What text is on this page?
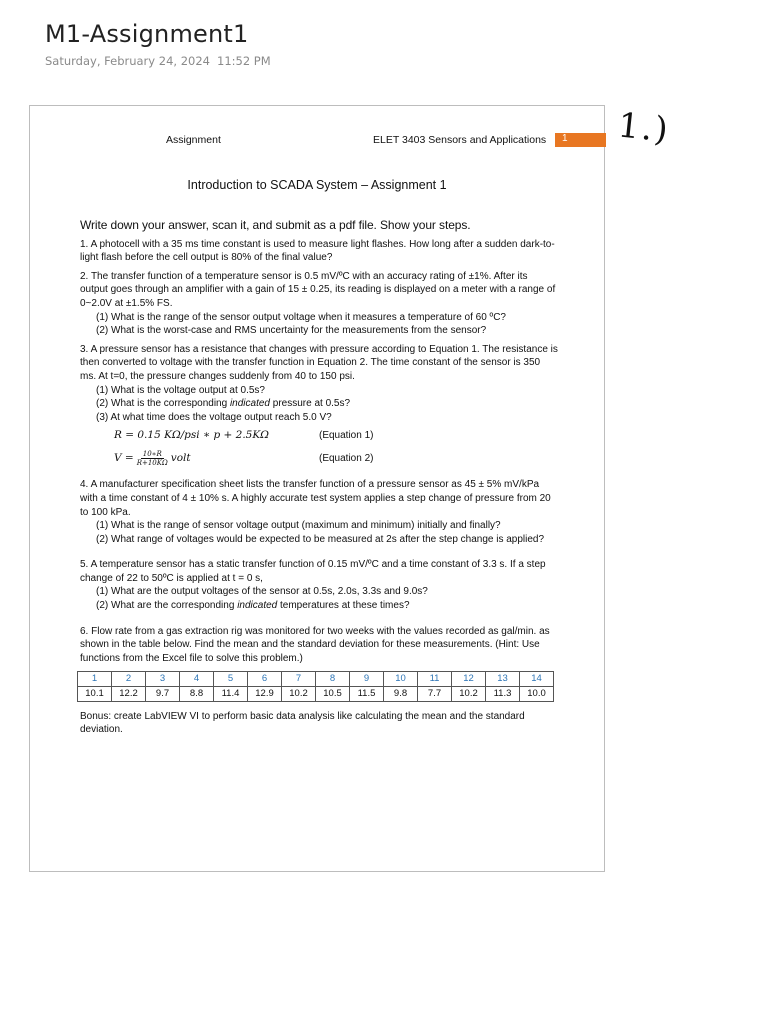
M1-Assignment1
Saturday, February 24, 2024 11:52 PM
1.)
Assignment	ELET 3403 Sensors and Applications	1
Introduction to SCADA System – Assignment 1

Write down your answer, scan it, and submit as a pdf file. Show your steps.

1. A photocell with a 35 ms time constant is used to measure light flashes. How long after a sudden dark-to-light flash before the cell output is 80% of the final value?

2. The transfer function of a temperature sensor is 0.5 mV/ºC with an accuracy rating of ±1%. After its output goes through an amplifier with a gain of 15 ± 0.25, its reading is displayed on a meter with a range of 0~2.0V at ±1.5% FS.

(1) What is the range of the sensor output voltage when it measures a temperature of 60 ºC?
(2) What is the worst-case and RMS uncertainty for the measurements from the sensor?

3. A pressure sensor has a resistance that changes with pressure according to Equation 1. The resistance is then converted to voltage with the transfer function in Equation 2. The time constant of the sensor is 350 ms. At t=0, the pressure changes suddenly from 40 to 150 psi.

(1) What is the voltage output at 0.5s?
(2) What is the corresponding indicated pressure at 0.5s?
(3) At what time does the voltage output reach 5.0 V?
R = 0.15 KΩ/psi ∗ p + 2.5KΩ	(Equation 1)
$V = \frac{10∗R}{R+10K\Omega}$ volt	(Equation 2)

4. A manufacturer specification sheet lists the transfer function of a pressure sensor as 45 ± 5% mV/kPa with a time constant of 4 ± 10% s. A highly accurate test system applies a step change of pressure from 20 to 100 kPa.

(1) What is the range of sensor voltage output (maximum and minimum) initially and finally?
(2) What range of voltages would be expected to be measured at 2s after the step change is applied?

5. A temperature sensor has a static transfer function of 0.15 mV/ºC and a time constant of 3.3 s. If a step change of 22 to 50ºC is applied at t = 0 s,

(1) What are the output voltages of the sensor at 0.5s, 2.0s, 3.3s and 9.0s?
(2) What are the corresponding indicated temperatures at these times?

6. Flow rate from a gas extraction rig was monitored for two weeks with the values recorded as gal/min. as shown in the table below. Find the mean and the standard deviation for these measurements. (Hint: Use functions from the Excel file to solve this problem.)

1	2	3	4	5	6	7	8	9	10	11	12	13	14
10.1	12.2	9.7	8.8	11.4	12.9	10.2	10.5	11.5	9.8	7.7	10.2	11.3	10.0

Bonus: create LabVIEW VI to perform basic data analysis like calculating the mean and the standard deviation.
